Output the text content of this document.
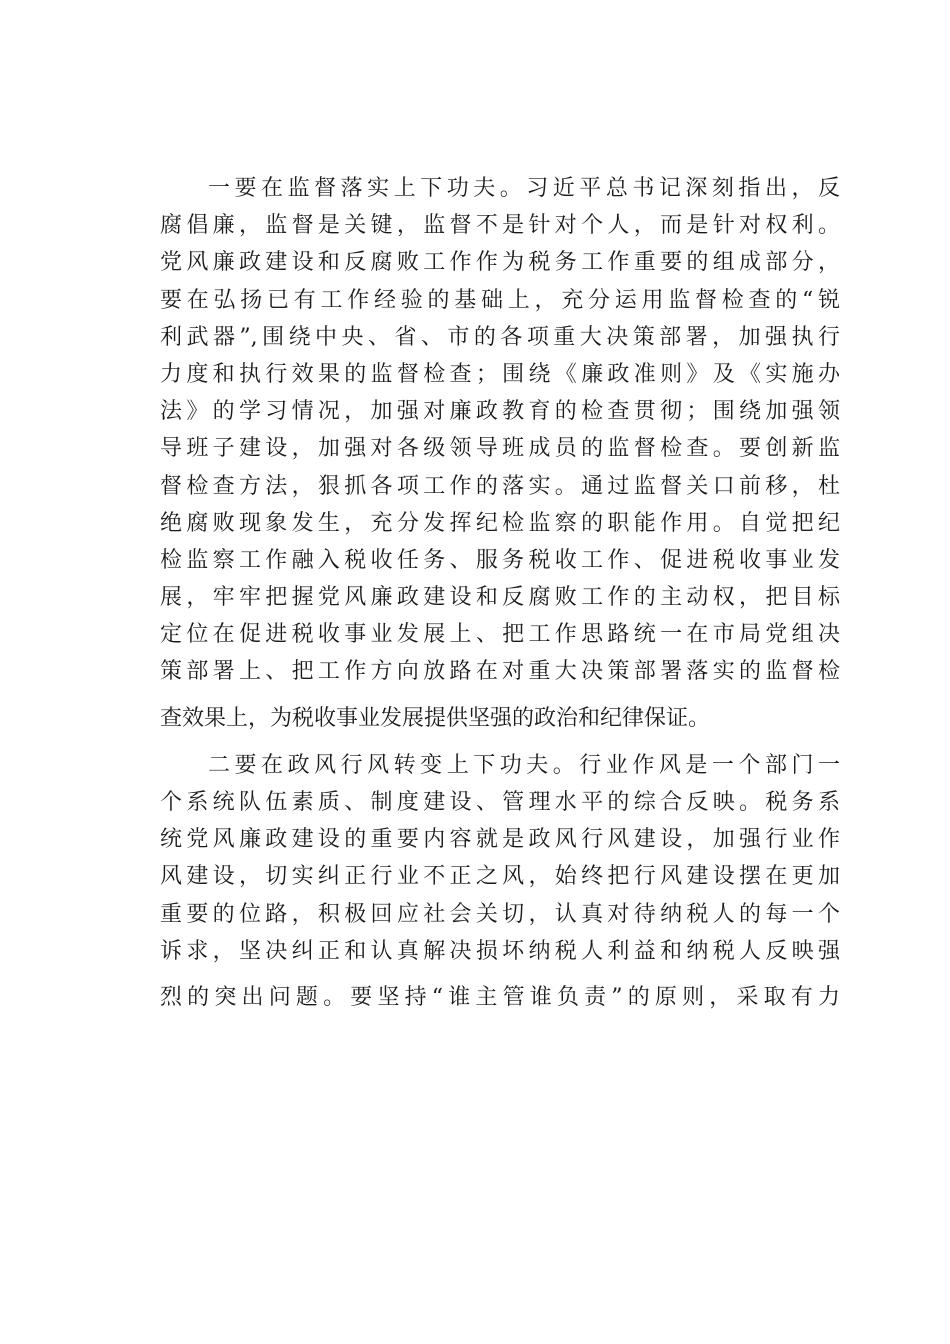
一要在监督落实上下功夫。习近平总书记深刻指出，反
腐倡廉，监督是关键，监督不是针对个人，而是针对权利。
党风廉政建设和反腐败工作作为税务工作重要的组成部分，
要在弘扬已有工作经验的基础上，充分运用监督检查的“锐
利武器”,围绕中央、省、市的各项重大决策部署，加强执行
力度和执行效果的监督检查；围绕《廉政准则》及《实施办
法》的学习情况，加强对廉政教育的检查贯彻；围绕加强领
导班子建设，加强对各级领导班成员的监督检查。要创新监
督检查方法，狠抓各项工作的落实。通过监督关口前移，杜
绝腐败现象发生，充分发挥纪检监察的职能作用。自觉把纪
检监察工作融入税收任务、服务税收工作、促进税收事业发
展，牢牢把握党风廉政建设和反腐败工作的主动权，把目标
定位在促进税收事业发展上、把工作思路统一在市局党组决
策部署上、把工作方向放路在对重大决策部署落实的监督检
查效果上，为税收事业发展提供坚强的政治和纪律保证。
二要在政风行风转变上下功夫。行业作风是一个部门一
个系统队伍素质、制度建设、管理水平的综合反映。税务系
统党风廉政建设的重要内容就是政风行风建设，加强行业作
风建设，切实纠正行业不正之风，始终把行风建设摆在更加
重要的位路，积极回应社会关切，认真对待纳税人的每一个
诉求，坚决纠正和认真解决损坏纳税人利益和纳税人反映强
烈的突出问题。要坚持“谁主管谁负责”的原则，采取有力
